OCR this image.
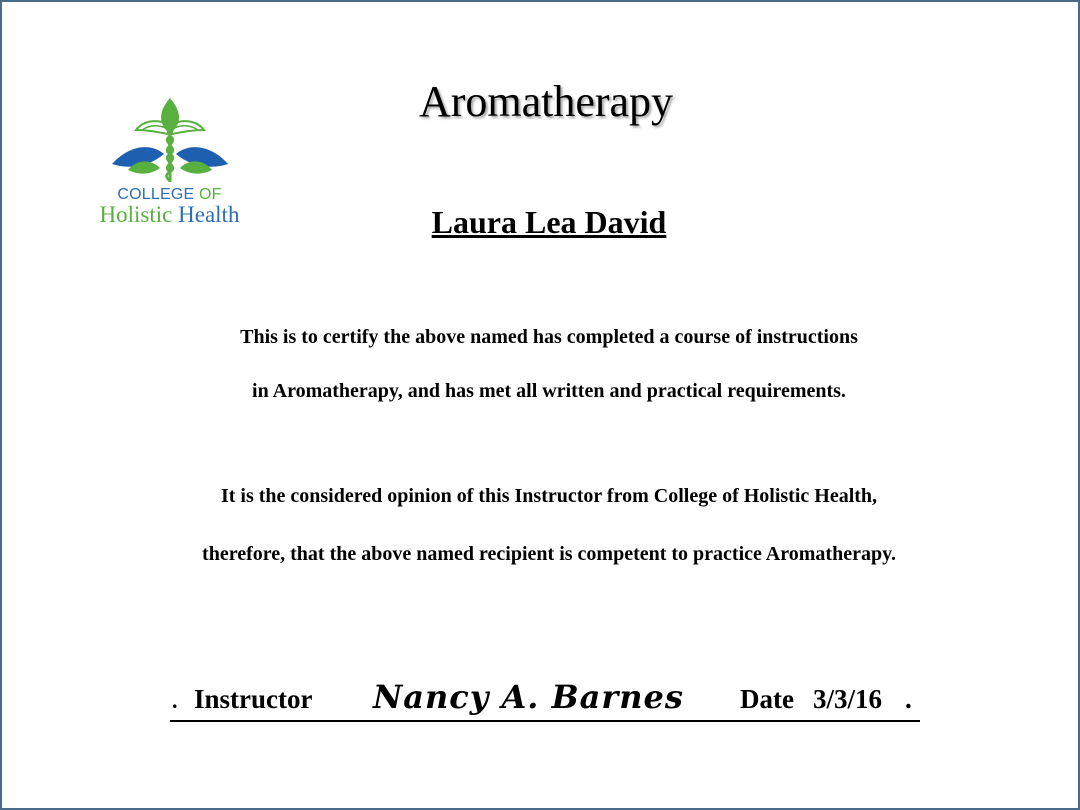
COLLEGE OF
Holistic Health
Aromatherapy
Laura Lea David
This is to certify the above named has completed a course of instructions
in Aromatherapy, and has met all written and practical requirements.
It is the considered opinion of this Instructor from College of Holistic Health,
therefore, that the above named recipient is competent to practice Aromatherapy.
. Instructor Nancy A. Barnes Date 3/3/16 .
